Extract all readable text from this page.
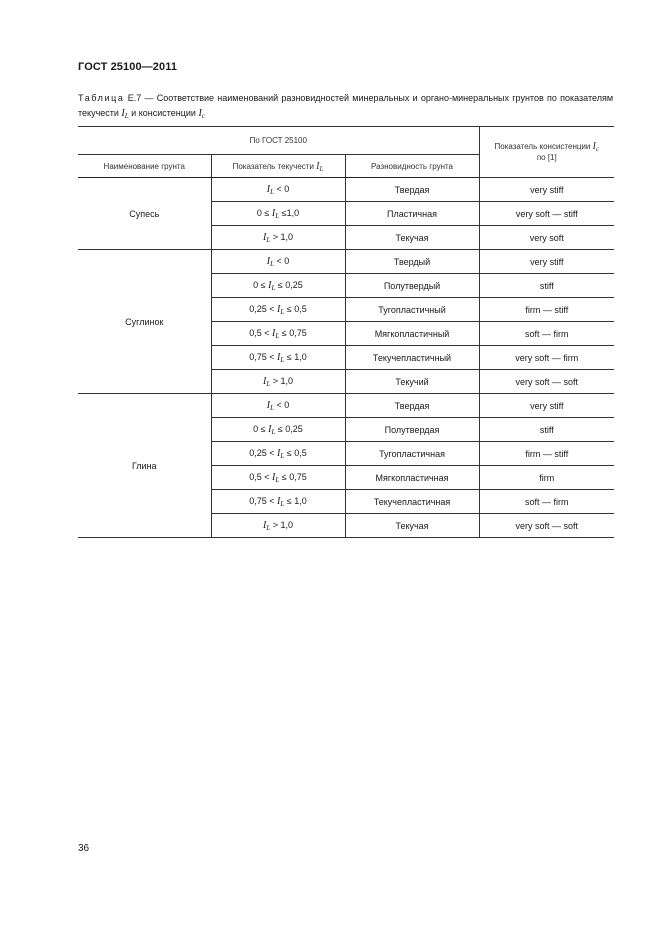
ГОСТ 25100—2011
Таблица Е.7 — Соответствие наименований разновидностей минеральных и органо-минеральных грунтов по показателям текучести $I_L$ и консистенции $I_c$
По ГОСТ 25100			Показатель консистенции $I_c$
по [1]
Наименование грунта	Показатель текучести $I_L$	Разновидность грунта	
Супесь	$I_L < 0$	Твердая	very stiff
	$0 \le I_L \le 1,0$	Пластичная	very soft — stiff
	$I_L > 1,0$	Текучая	very soft
Суглинок	$I_L < 0$	Твердый	very stiff
	$0 \le I_L \le 0,25$	Полутвердый	stiff
	$0,25 < I_L \le 0,5$	Тугопластичный	firm — stiff
	$0,5 < I_L \le 0,75$	Мягкопластичный	soft — firm
	$0,75 < I_L \le 1,0$	Текучепластичный	very soft — firm
	$I_L > 1,0$	Текучий	very soft — soft
Глина	$I_L < 0$	Твердая	very stiff
	$0 \le I_L \le 0,25$	Полутвердая	stiff
	$0,25 < I_L \le 0,5$	Тугопластичная	firm — stiff
	$0,5 < I_L \le 0,75$	Мягкопластичная	firm
	$0,75 < I_L \le 1,0$	Текучепластичная	soft — firm
	$I_L > 1,0$	Текучая	very soft — soft
36
